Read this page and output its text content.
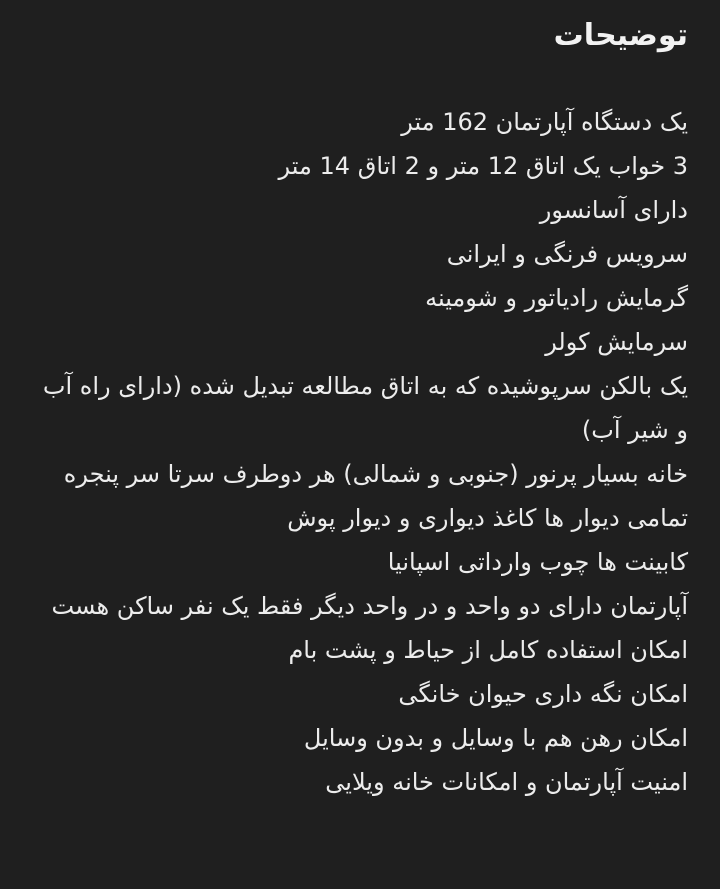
توضیحات
یک دستگاه آپارتمان 162 متر
3 خواب یک اتاق 12 متر و 2 اتاق 14 متر
دارای آسانسور
سرویس فرنگی و ایرانی
گرمایش رادیاتور و شومینه
سرمایش کولر
یک بالکن سرپوشیده که به اتاق مطالعه تبدیل شده (دارای راه آب و شیر آب)
خانه بسیار پرنور (جنوبی و شمالی) هر دوطرف سرتا سر پنجره
تمامی دیوار ها کاغذ دیواری و دیوار پوش
کابینت ها چوب وارداتی اسپانیا
آپارتمان دارای دو واحد و در واحد دیگر فقط یک نفر ساکن هست
امکان استفاده کامل از حیاط و پشت بام
امکان نگه داری حیوان خانگی
امکان رهن هم با وسایل و بدون وسایل
امنیت آپارتمان و امکانات خانه ویلایی
